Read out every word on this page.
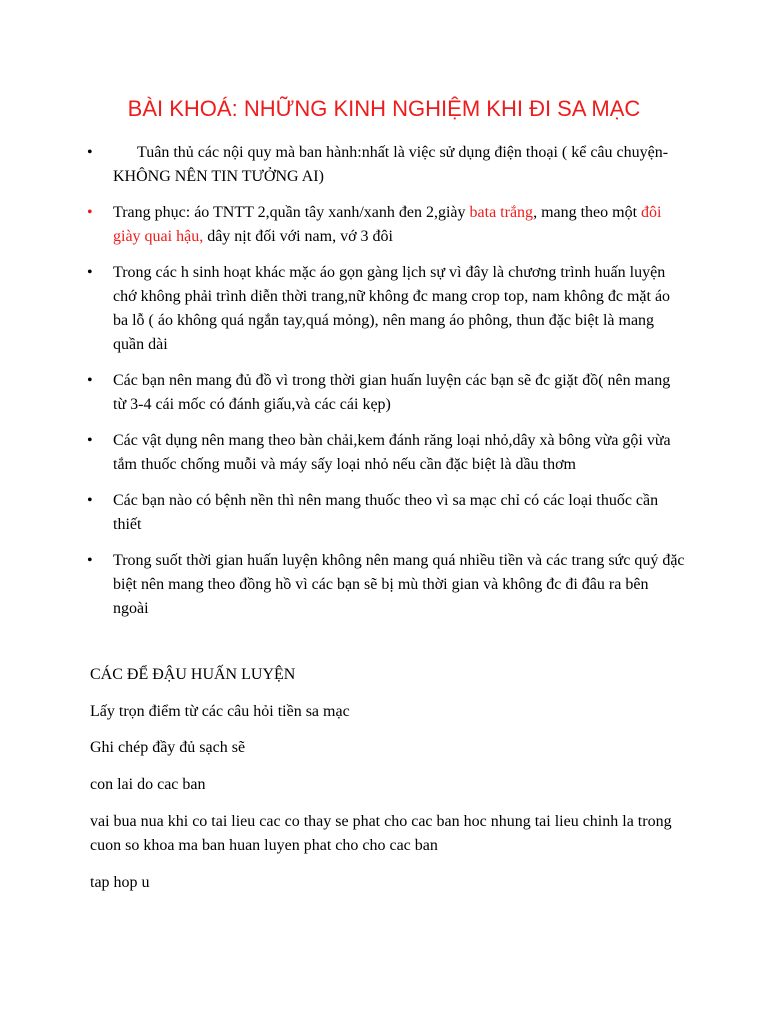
BÀI KHOÁ: NHỮNG KINH NGHIỆM KHI ĐI SA MẠC
•	Tuân thủ các nội quy mà ban hành:nhất là việc sử dụng điện thoại ( kể câu chuyện- KHÔNG NÊN TIN TƯỞNG AI)
• Trang phục: áo TNTT 2,quần tây xanh/xanh đen 2,giày bata trắng, mang theo một đôi giày quai hậu, dây nịt đối với nam, vớ 3 đôi
• Trong các h sinh hoạt khác mặc áo gọn gàng lịch sự vì đây là chương trình huấn luyện chớ không phải trình diễn thời trang,nữ không đc mang crop top, nam không đc mặt áo ba lỗ ( áo không quá ngắn tay,quá mỏng), nên mang áo phông, thun đặc biệt là mang quần dài
• Các bạn nên mang đủ đồ vì trong thời gian huấn luyện các bạn sẽ đc giặt đồ( nên mang từ 3-4 cái mốc có đánh giấu,và các cái kẹp)
• Các vật dụng nên mang theo bàn chải,kem đánh răng loại nhỏ,dây xà bông vừa gội vừa tắm thuốc chống muỗi và máy sấy loại nhỏ nếu cần đặc biệt là dầu thơm
• Các bạn nào có bệnh nền thì nên mang thuốc theo vì sa mạc chỉ có các loại thuốc cần thiết
• Trong suốt thời gian huấn luyện không nên mang quá nhiều tiền và các trang sức quý đặc biệt nên mang theo đồng hồ vì các bạn sẽ bị mù thời gian và không đc đi đâu ra bên ngoài

CÁC ĐỂ ĐẬU HUẤN LUYỆN

Lấy trọn điểm từ các câu hỏi tiền sa mạc

Ghi chép đầy đủ sạch sẽ

con lai do cac ban

vai bua nua khi co tai lieu cac co thay se phat cho cac ban hoc nhung tai lieu chinh la trong cuon so khoa ma ban huan luyen phat cho cho cac ban

tap hop u
